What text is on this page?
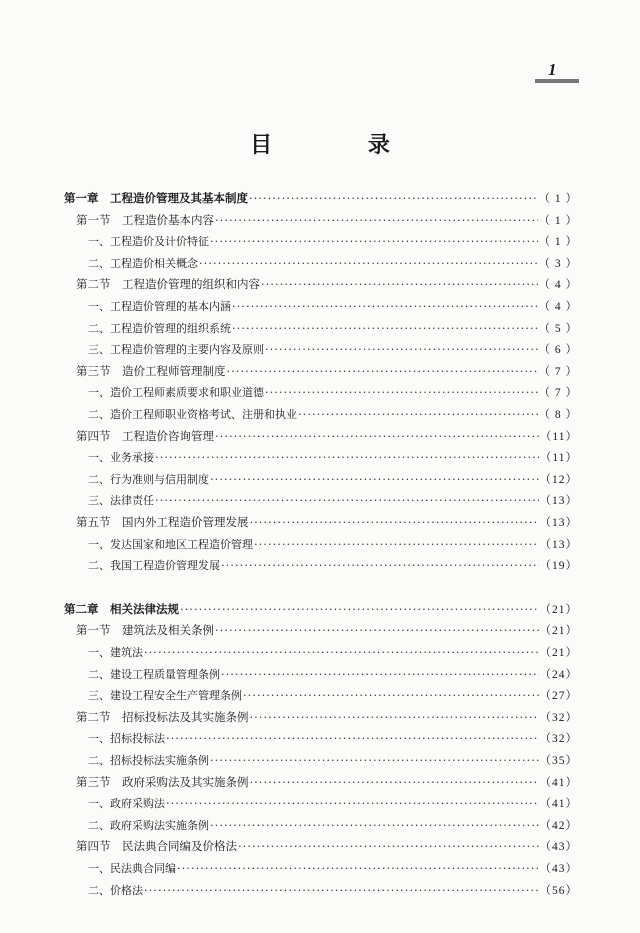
1
目 录
第一章　工程造价管理及其基本制度 ·····	（ 1 ）
第一节　工程造价基本内容 ·····	（ 1 ）
一、工程造价及计价特征 ·····	（ 1 ）
二、工程造价相关概念 ·····	（ 3 ）
第二节　工程造价管理的组织和内容 ·····	（ 4 ）
一、工程造价管理的基本内涵 ·····	（ 4 ）
二、工程造价管理的组织系统 ·····	（ 5 ）
三、工程造价管理的主要内容及原则 ·····	（ 6 ）
第三节　造价工程师管理制度 ·····	（ 7 ）
一、造价工程师素质要求和职业道德 ·····	（ 7 ）
二、造价工程师职业资格考试、注册和执业 ·····	（ 8 ）
第四节　工程造价咨询管理 ·····	（11）
一、业务承接 ·····	（11）
二、行为准则与信用制度 ·····	（12）
三、法律责任 ·····	（13）
第五节　国内外工程造价管理发展 ·····	（13）
一、发达国家和地区工程造价管理 ·····	（13）
二、我国工程造价管理发展 ·····	（19）
第二章　相关法律法规 ·····	（21）
第一节　建筑法及相关条例 ·····	（21）
一、建筑法 ·····	（21）
二、建设工程质量管理条例 ·····	（24）
三、建设工程安全生产管理条例 ·····	（27）
第二节　招标投标法及其实施条例 ·····	（32）
一、招标投标法 ·····	（32）
二、招标投标法实施条例 ·····	（35）
第三节　政府采购法及其实施条例 ·····	（41）
一、政府采购法 ·····	（41）
二、政府采购法实施条例 ·····	（42）
第四节　民法典合同编及价格法 ·····	（43）
一、民法典合同编 ·····	（43）
二、价格法 ·····	（56）
